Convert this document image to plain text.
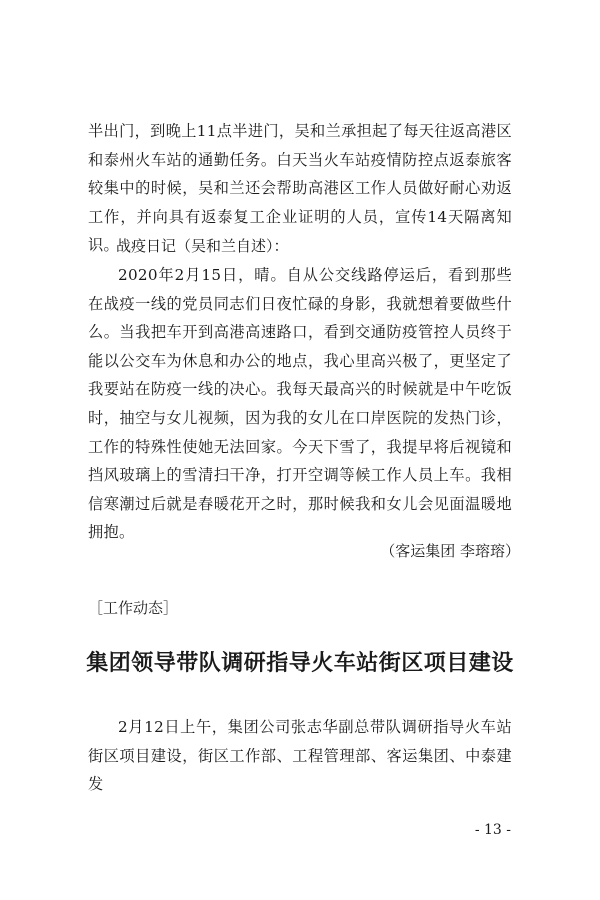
半出门，到晚上11点半进门，吴和兰承担起了每天往返高港区和泰州火车站的通勤任务。白天当火车站疫情防控点返泰旅客较集中的时候，吴和兰还会帮助高港区工作人员做好耐心劝返工作，并向具有返泰复工企业证明的人员，宣传14天隔离知识。

战疫日记（吴和兰自述）：

2020年2月15日，晴。自从公交线路停运后，看到那些在战疫一线的党员同志们日夜忙碌的身影，我就想着要做些什么。当我把车开到高港高速路口，看到交通防疫管控人员终于能以公交车为休息和办公的地点，我心里高兴极了，更坚定了我要站在防疫一线的决心。我每天最高兴的时候就是中午吃饭时，抽空与女儿视频，因为我的女儿在口岸医院的发热门诊，工作的特殊性使她无法回家。今天下雪了，我提早将后视镜和挡风玻璃上的雪清扫干净，打开空调等候工作人员上车。我相信寒潮过后就是春暖花开之时，那时候我和女儿会见面温暖地拥抱。

（客运集团 李瑢瑢）

［工作动态］

集团领导带队调研指导火车站街区项目建设

2月12日上午，集团公司张志华副总带队调研指导火车站街区项目建设，街区工作部、工程管理部、客运集团、中泰建发

- 13 -
